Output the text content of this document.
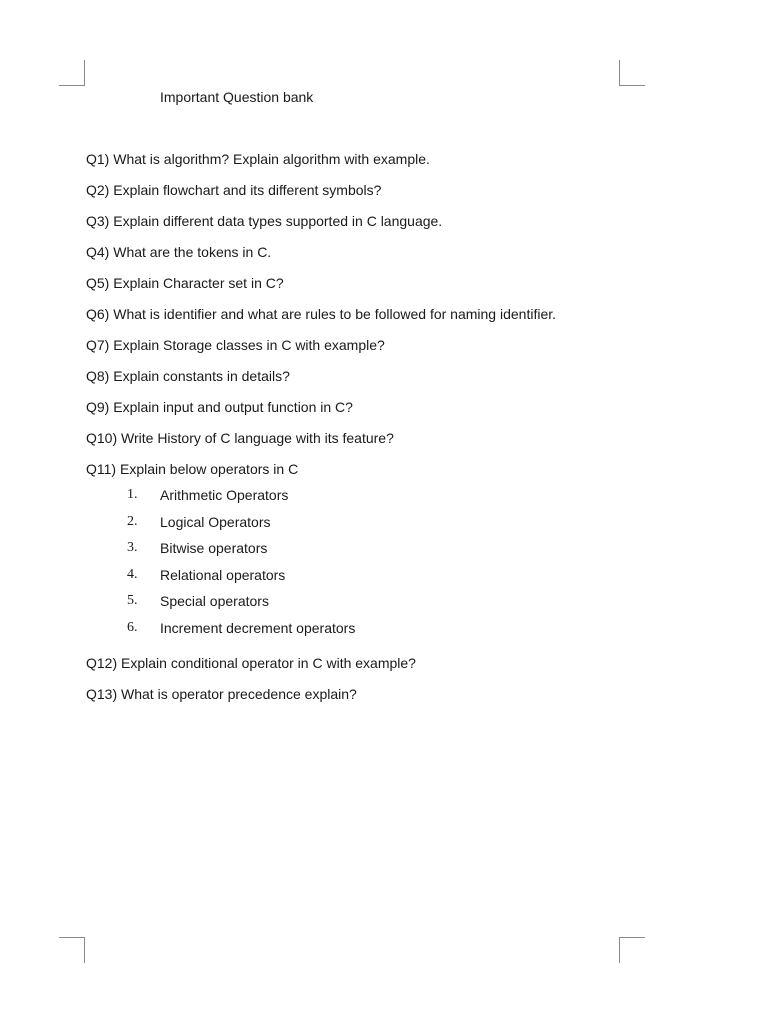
Important Question bank
Q1) What is algorithm? Explain algorithm with example.
Q2) Explain flowchart and its different symbols?
Q3) Explain different data types supported in C language.
Q4) What are the tokens in C.
Q5) Explain Character set in C?
Q6) What is identifier and what are rules to be followed for naming identifier.
Q7) Explain Storage classes in C with example?
Q8) Explain constants in details?
Q9) Explain input and output function in C?
Q10) Write History of C language with its feature?
Q11) Explain below operators in C
1. Arithmetic Operators
2. Logical Operators
3. Bitwise operators
4. Relational operators
5. Special operators
6. Increment decrement operators
Q12) Explain conditional operator in C with example?
Q13) What is operator precedence explain?
